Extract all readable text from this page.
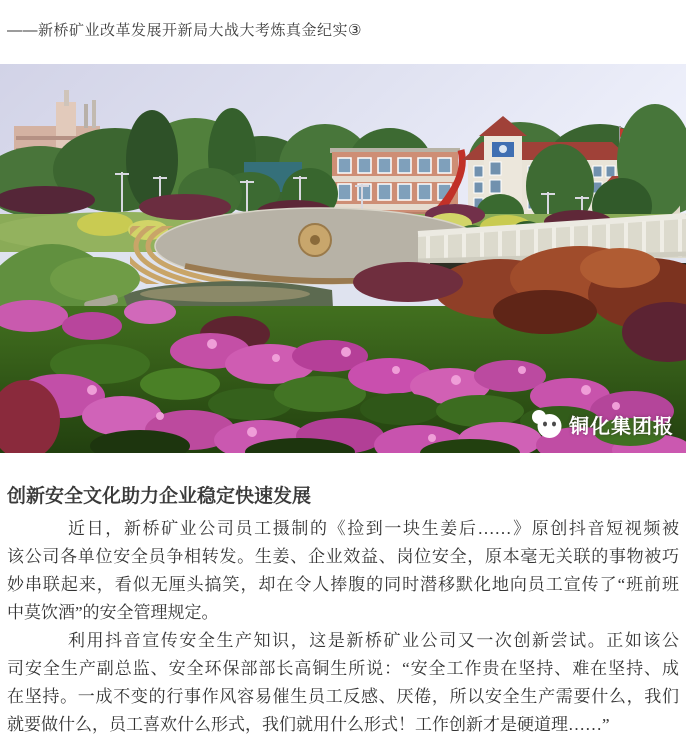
——新桥矿业改革发展开新局大战大考炼真金纪实③
铜化集团报
创新安全文化助力企业稳定快速发展
近日，新桥矿业公司员工摄制的《捡到一块生姜后……》原创抖音短视频被
该公司各单位安全员争相转发。生姜、企业效益、岗位安全，原本毫无关联的事物被巧
妙串联起来，看似无厘头搞笑，却在令人捧腹的同时潜移默化地向员工宣传了“班前班
中莫饮酒”的安全管理规定。
利用抖音宣传安全生产知识，这是新桥矿业公司又一次创新尝试。正如该公
司安全生产副总监、安全环保部部长高铜生所说：“安全工作贵在坚持、难在坚持、成
在坚持。一成不变的行事作风容易催生员工反感、厌倦，所以安全生产需要什么，我们
就要做什么，员工喜欢什么形式，我们就用什么形式！工作创新才是硬道理……”
